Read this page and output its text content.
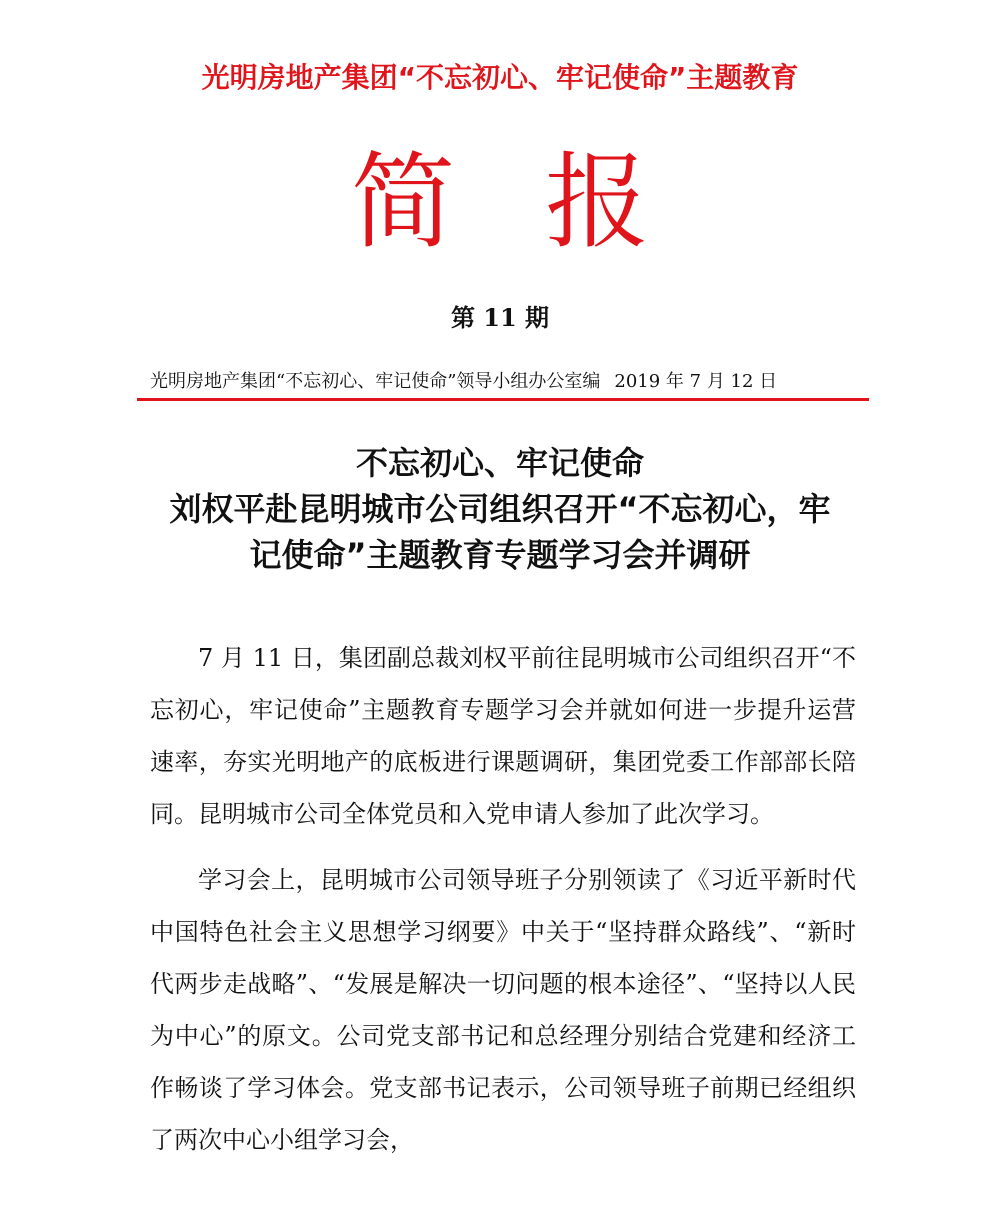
光明房地产集团“不忘初心、牢记使命”主题教育
简报
第 11 期
光明房地产集团“不忘初心、牢记使命”领导小组办公室编 2019 年 7 月 12 日
不忘初心、牢记使命
刘权平赴昆明城市公司组织召开“不忘初心，牢
记使命”主题教育专题学习会并调研

7 月 11 日，集团副总裁刘权平前往昆明城市公司组织召开“不忘初心，牢记使命”主题教育专题学习会并就如何进一步提升运营速率，夯实光明地产的底板进行课题调研，集团党委工作部部长陪同。昆明城市公司全体党员和入党申请人参加了此次学习。

学习会上，昆明城市公司领导班子分别领读了《习近平新时代中国特色社会主义思想学习纲要》中关于“坚持群众路线”、“新时代两步走战略”、“发展是解决一切问题的根本途径”、“坚持以人民为中心”的原文。公司党支部书记和总经理分别结合党建和经济工作畅谈了学习体会。党支部书记表示，公司领导班子前期已经组织了两次中心小组学习会，
